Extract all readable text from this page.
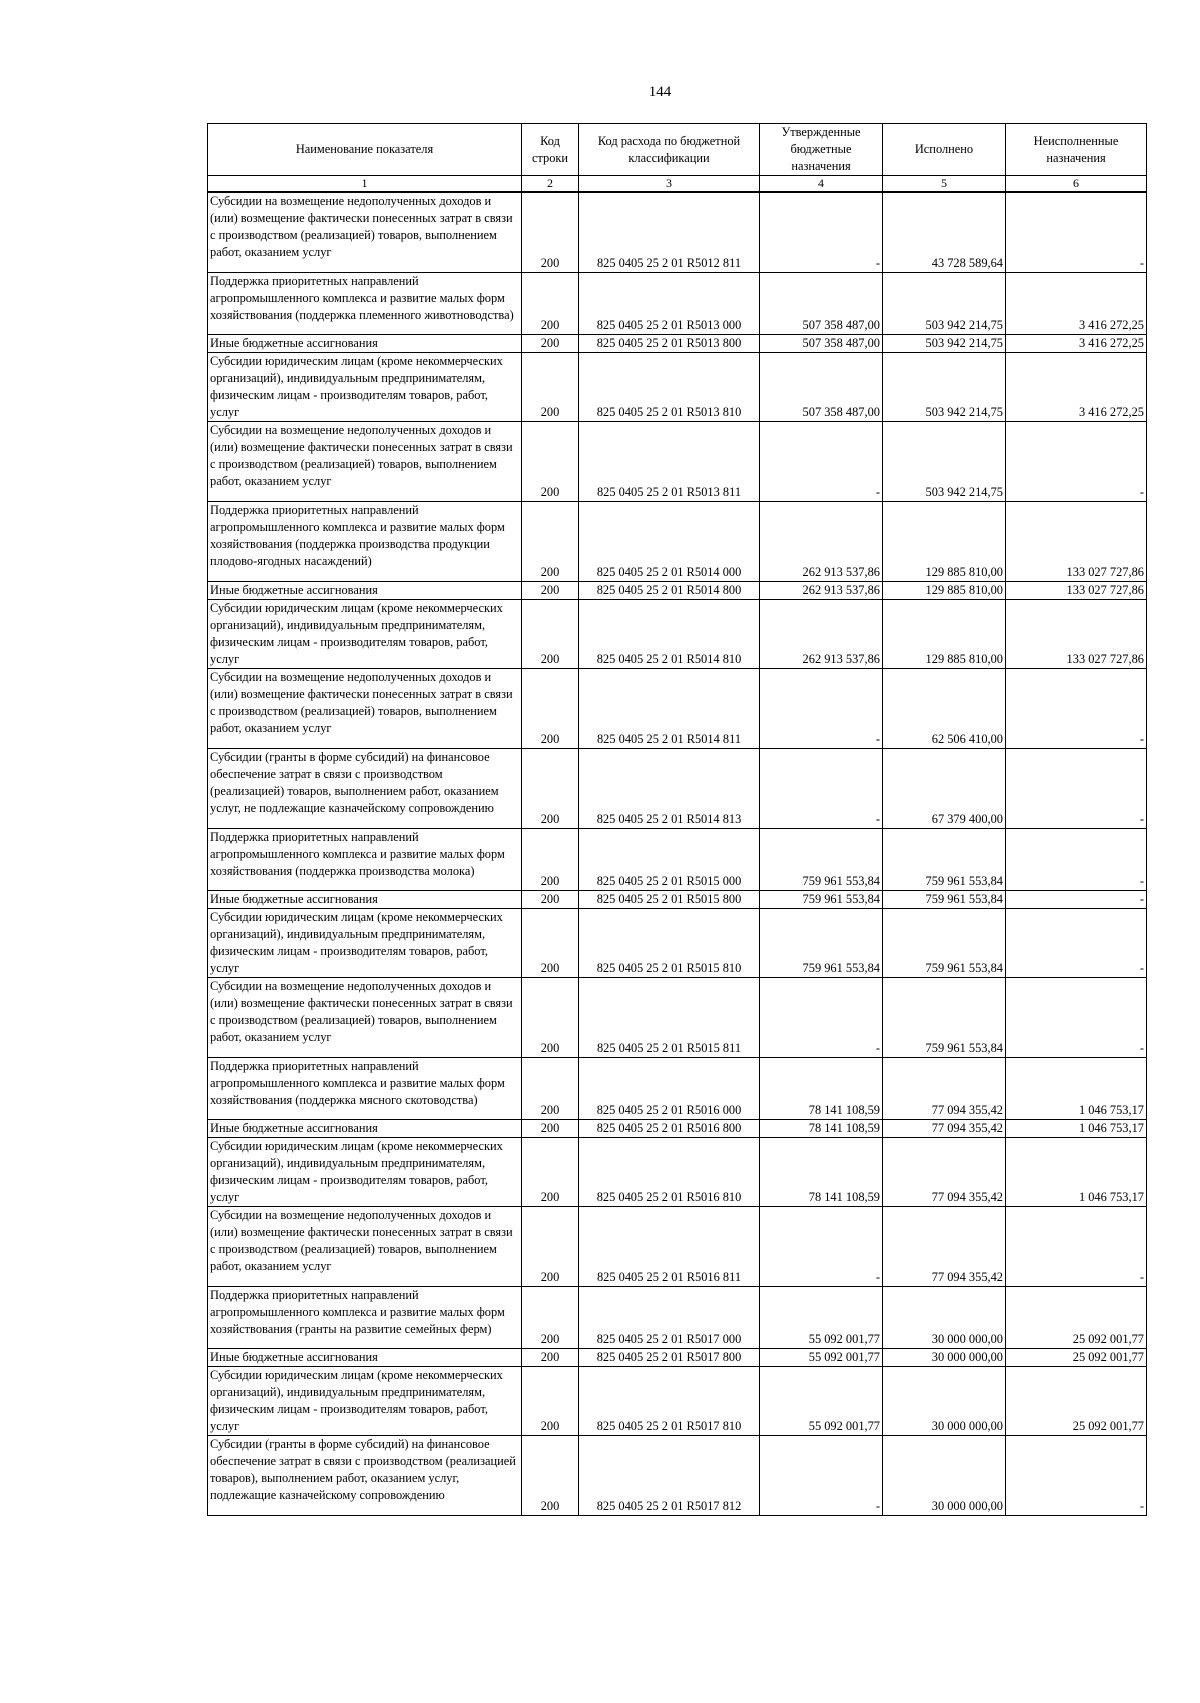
144
Наименование показателя	Код строки	Код расхода по бюджетной классификации	Утвержденные бюджетные назначения	Исполнено	Неисполненные назначения
1	2	3	4	5	6
Субсидии на возмещение недополученных доходов и (или) возмещение фактически понесенных затрат в связи с производством (реализацией) товаров, выполнением работ, оказанием услуг	200	825 0405 25 2 01 R5012 811	-	43 728 589,64	-
Поддержка приоритетных направлений агропромышленного комплекса и развитие малых форм хозяйствования (поддержка племенного животноводства)	200	825 0405 25 2 01 R5013 000	507 358 487,00	503 942 214,75	3 416 272,25
Иные бюджетные ассигнования	200	825 0405 25 2 01 R5013 800	507 358 487,00	503 942 214,75	3 416 272,25
Субсидии юридическим лицам (кроме некоммерческих организаций), индивидуальным предпринимателям, физическим лицам - производителям товаров, работ, услуг	200	825 0405 25 2 01 R5013 810	507 358 487,00	503 942 214,75	3 416 272,25
Субсидии на возмещение недополученных доходов и (или) возмещение фактически понесенных затрат в связи с производством (реализацией) товаров, выполнением работ, оказанием услуг	200	825 0405 25 2 01 R5013 811	-	503 942 214,75	-
Поддержка приоритетных направлений агропромышленного комплекса и развитие малых форм хозяйствования (поддержка производства продукции плодово-ягодных насаждений)	200	825 0405 25 2 01 R5014 000	262 913 537,86	129 885 810,00	133 027 727,86
Иные бюджетные ассигнования	200	825 0405 25 2 01 R5014 800	262 913 537,86	129 885 810,00	133 027 727,86
Субсидии юридическим лицам (кроме некоммерческих организаций), индивидуальным предпринимателям, физическим лицам - производителям товаров, работ, услуг	200	825 0405 25 2 01 R5014 810	262 913 537,86	129 885 810,00	133 027 727,86
Субсидии на возмещение недополученных доходов и (или) возмещение фактически понесенных затрат в связи с производством (реализацией) товаров, выполнением работ, оказанием услуг	200	825 0405 25 2 01 R5014 811	-	62 506 410,00	-
Субсидии (гранты в форме субсидий) на финансовое обеспечение затрат в связи с производством (реализацией) товаров, выполнением работ, оказанием услуг, не подлежащие казначейскому сопровождению	200	825 0405 25 2 01 R5014 813	-	67 379 400,00	-
Поддержка приоритетных направлений агропромышленного комплекса и развитие малых форм хозяйствования (поддержка производства молока)	200	825 0405 25 2 01 R5015 000	759 961 553,84	759 961 553,84	-
Иные бюджетные ассигнования	200	825 0405 25 2 01 R5015 800	759 961 553,84	759 961 553,84	-
Субсидии юридическим лицам (кроме некоммерческих организаций), индивидуальным предпринимателям, физическим лицам - производителям товаров, работ, услуг	200	825 0405 25 2 01 R5015 810	759 961 553,84	759 961 553,84	-
Субсидии на возмещение недополученных доходов и (или) возмещение фактически понесенных затрат в связи с производством (реализацией) товаров, выполнением работ, оказанием услуг	200	825 0405 25 2 01 R5015 811	-	759 961 553,84	-
Поддержка приоритетных направлений агропромышленного комплекса и развитие малых форм хозяйствования (поддержка мясного скотоводства)	200	825 0405 25 2 01 R5016 000	78 141 108,59	77 094 355,42	1 046 753,17
Иные бюджетные ассигнования	200	825 0405 25 2 01 R5016 800	78 141 108,59	77 094 355,42	1 046 753,17
Субсидии юридическим лицам (кроме некоммерческих организаций), индивидуальным предпринимателям, физическим лицам - производителям товаров, работ, услуг	200	825 0405 25 2 01 R5016 810	78 141 108,59	77 094 355,42	1 046 753,17
Субсидии на возмещение недополученных доходов и (или) возмещение фактически понесенных затрат в связи с производством (реализацией) товаров, выполнением работ, оказанием услуг	200	825 0405 25 2 01 R5016 811	-	77 094 355,42	-
Поддержка приоритетных направлений агропромышленного комплекса и развитие малых форм хозяйствования (гранты на развитие семейных ферм)	200	825 0405 25 2 01 R5017 000	55 092 001,77	30 000 000,00	25 092 001,77
Иные бюджетные ассигнования	200	825 0405 25 2 01 R5017 800	55 092 001,77	30 000 000,00	25 092 001,77
Субсидии юридическим лицам (кроме некоммерческих организаций), индивидуальным предпринимателям, физическим лицам - производителям товаров, работ, услуг	200	825 0405 25 2 01 R5017 810	55 092 001,77	30 000 000,00	25 092 001,77
Субсидии (гранты в форме субсидий) на финансовое обеспечение затрат в связи с производством (реализацией товаров), выполнением работ, оказанием услуг, подлежащие казначейскому сопровождению	200	825 0405 25 2 01 R5017 812	-	30 000 000,00	-
